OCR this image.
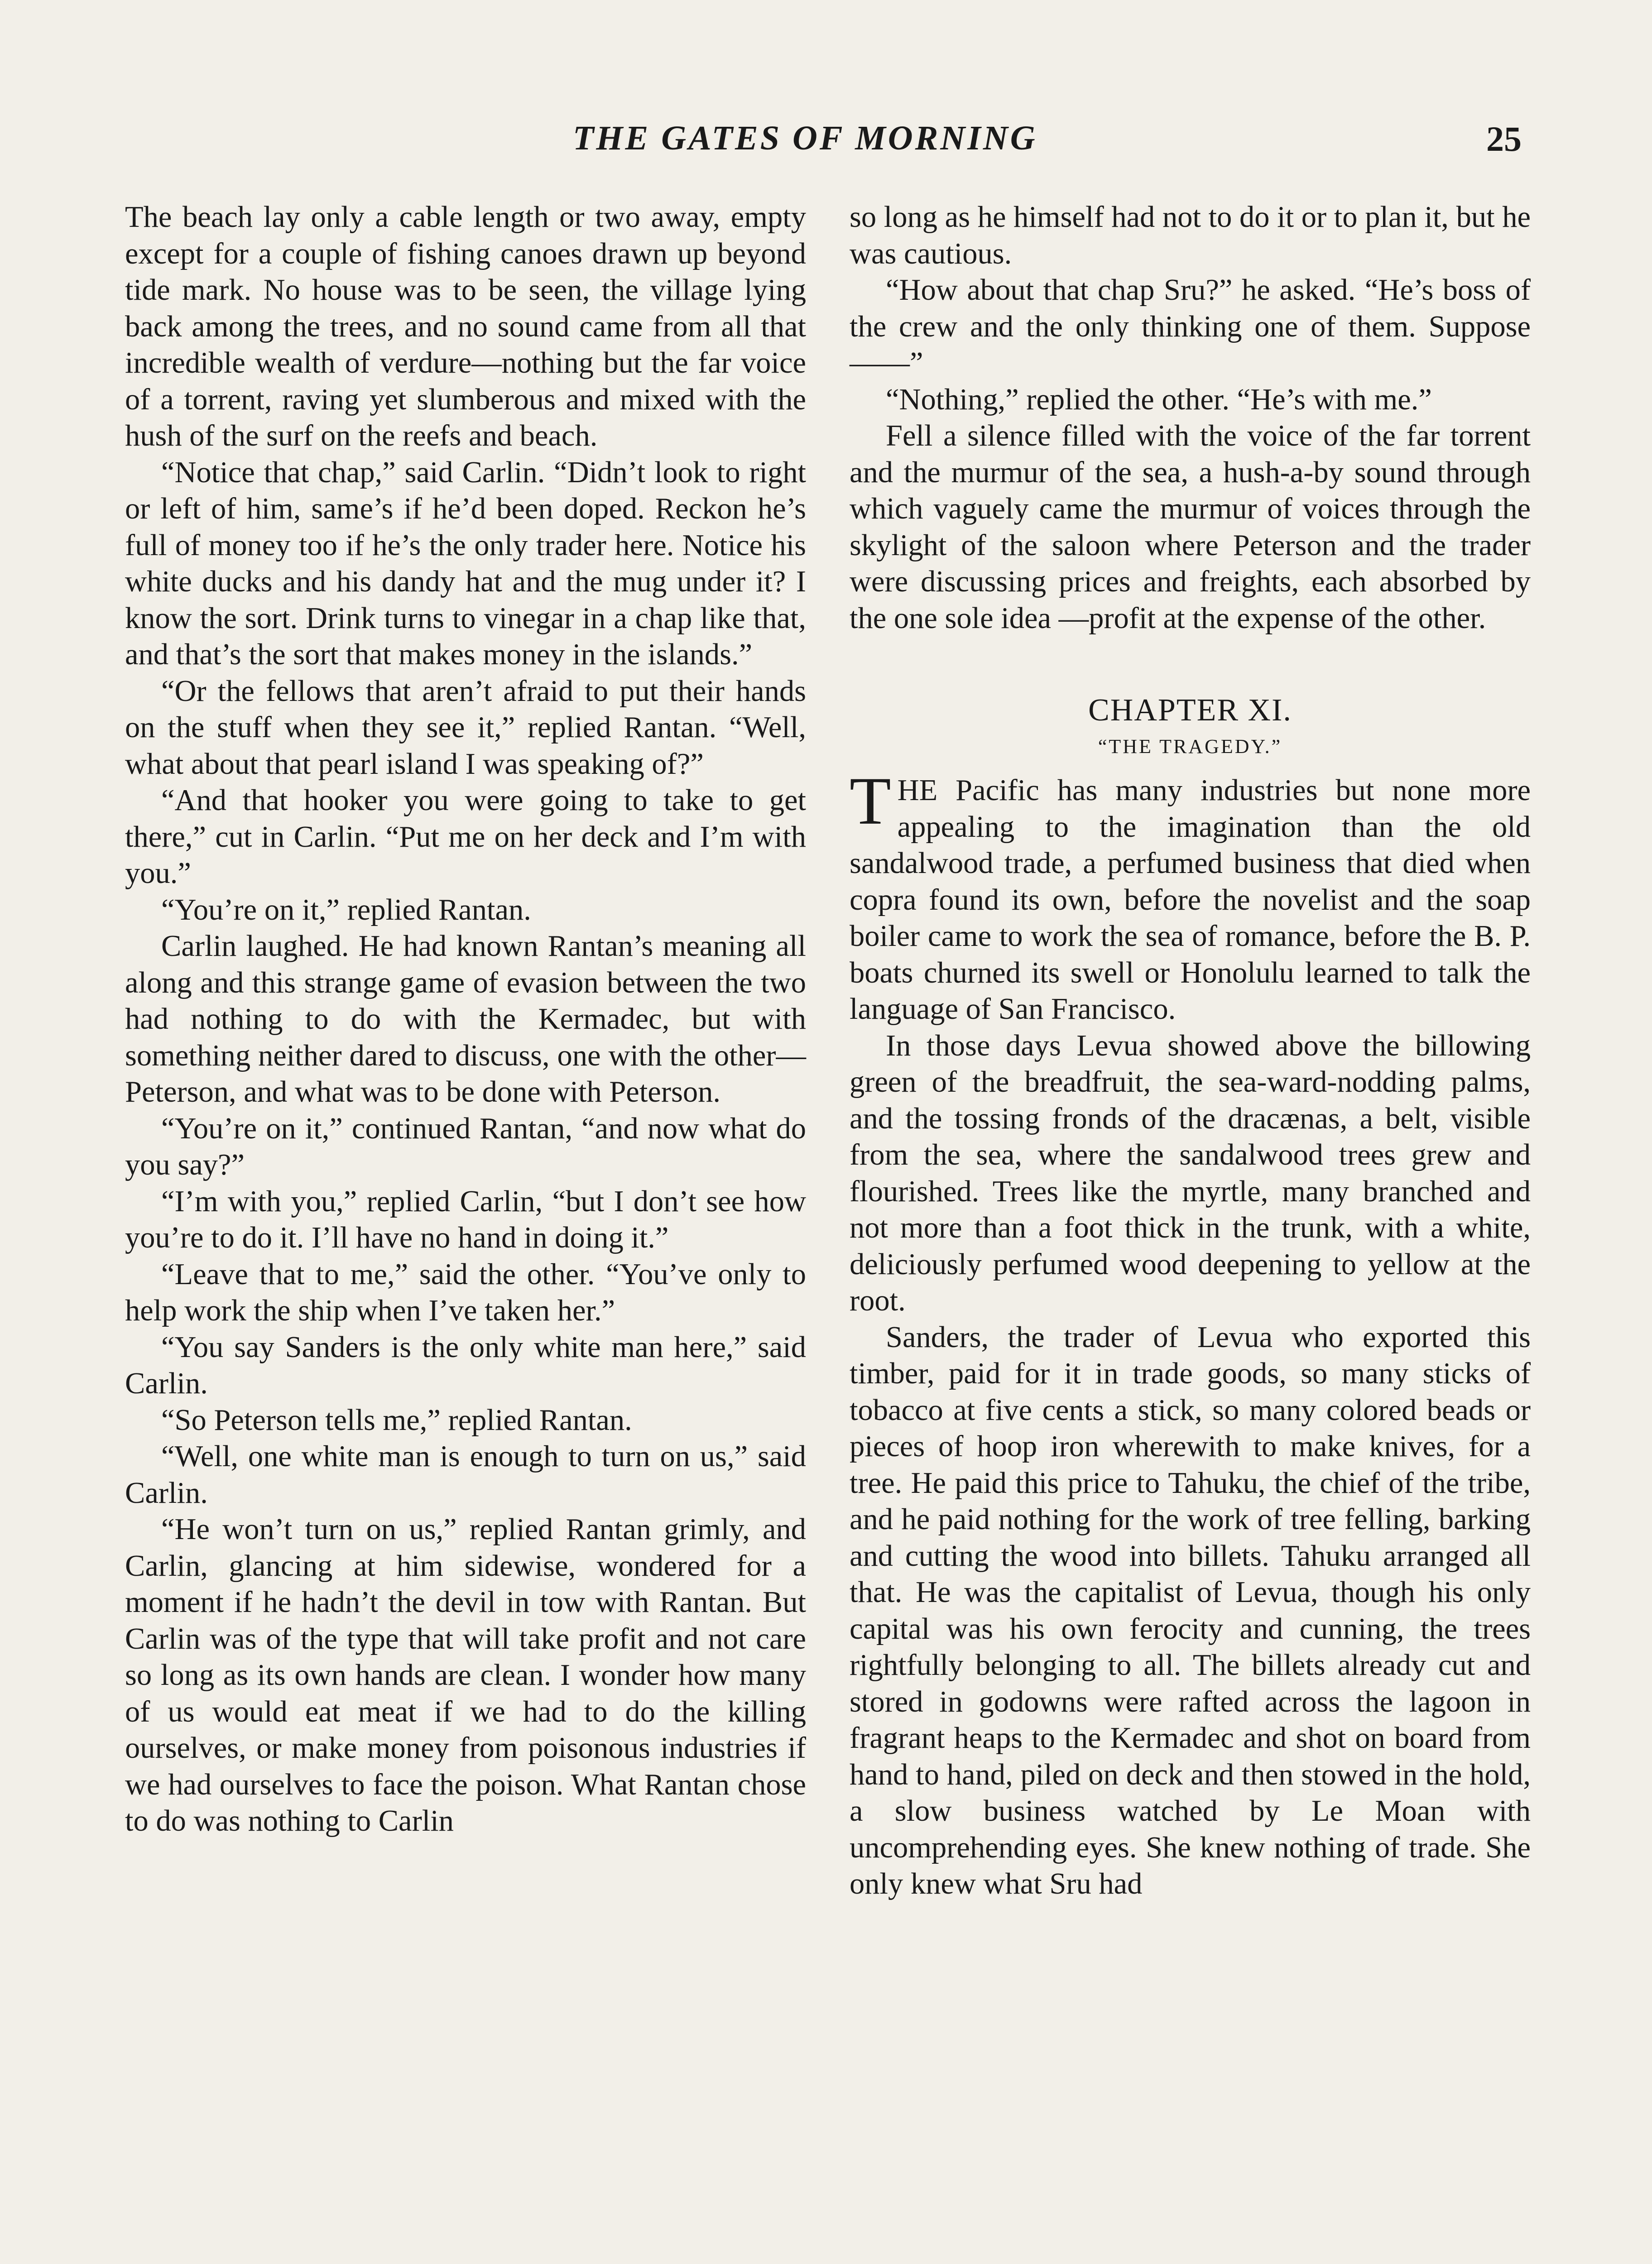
THE GATES OF MORNING	25

The beach lay only a cable length or two away, empty except for a couple of fishing canoes drawn up beyond tide mark. No house was to be seen, the village lying back among the trees, and no sound came from all that incredible wealth of verdure—nothing but the far voice of a torrent, raving yet slumberous and mixed with the hush of the surf on the reefs and beach.

“Notice that chap,” said Carlin. “Didn’t look to right or left of him, same’s if he’d been doped. Reckon he’s full of money too if he’s the only trader here. Notice his white ducks and his dandy hat and the mug under it? I know the sort. Drink turns to vinegar in a chap like that, and that’s the sort that makes money in the islands.”

“Or the fellows that aren’t afraid to put their hands on the stuff when they see it,” replied Rantan. “Well, what about that pearl island I was speaking of?”

“And that hooker you were going to take to get there,” cut in Carlin. “Put me on her deck and I’m with you.”

“You’re on it,” replied Rantan.

Carlin laughed. He had known Rantan’s meaning all along and this strange game of evasion between the two had nothing to do with the Kermadec, but with something neither dared to discuss, one with the other—Peterson, and what was to be done with Peterson.

“You’re on it,” continued Rantan, “and now what do you say?”

“I’m with you,” replied Carlin, “but I don’t see how you’re to do it. I’ll have no hand in doing it.”

“Leave that to me,” said the other. “You’ve only to help work the ship when I’ve taken her.”

“You say Sanders is the only white man here,” said Carlin.

“So Peterson tells me,” replied Rantan.

“Well, one white man is enough to turn on us,” said Carlin.

“He won’t turn on us,” replied Rantan grimly, and Carlin, glancing at him sidewise, wondered for a moment if he hadn’t the devil in tow with Rantan. But Carlin was of the type that will take profit and not care so long as its own hands are clean. I wonder how many of us would eat meat if we had to do the killing ourselves, or make money from poisonous industries if we had ourselves to face the poison. What Rantan chose to do was nothing to Carlin

so long as he himself had not to do it or to plan it, but he was cautious.

“How about that chap Sru?” he asked. “He’s boss of the crew and the only thinking one of them. Suppose——”

“Nothing,” replied the other. “He’s with me.”

Fell a silence filled with the voice of the far torrent and the murmur of the sea, a hush-a-by sound through which vaguely came the murmur of voices through the skylight of the saloon where Peterson and the trader were discussing prices and freights, each absorbed by the one sole idea —profit at the expense of the other.

CHAPTER XI.
“THE TRAGEDY.”

THE Pacific has many industries but none more appealing to the imagination than the old sandalwood trade, a perfumed business that died when copra found its own, before the novelist and the soap boiler came to work the sea of romance, before the B. P. boats churned its swell or Honolulu learned to talk the language of San Francisco.

In those days Levua showed above the billowing green of the breadfruit, the sea-ward-nodding palms, and the tossing fronds of the dracænas, a belt, visible from the sea, where the sandalwood trees grew and flourished. Trees like the myrtle, many branched and not more than a foot thick in the trunk, with a white, deliciously perfumed wood deepening to yellow at the root.

Sanders, the trader of Levua who exported this timber, paid for it in trade goods, so many sticks of tobacco at five cents a stick, so many colored beads or pieces of hoop iron wherewith to make knives, for a tree. He paid this price to Tahuku, the chief of the tribe, and he paid nothing for the work of tree felling, barking and cutting the wood into billets. Tahuku arranged all that. He was the capitalist of Levua, though his only capital was his own ferocity and cunning, the trees rightfully belonging to all. The billets already cut and stored in godowns were rafted across the lagoon in fragrant heaps to the Kermadec and shot on board from hand to hand, piled on deck and then stowed in the hold, a slow business watched by Le Moan with uncomprehending eyes. She knew nothing of trade. She only knew what Sru had
